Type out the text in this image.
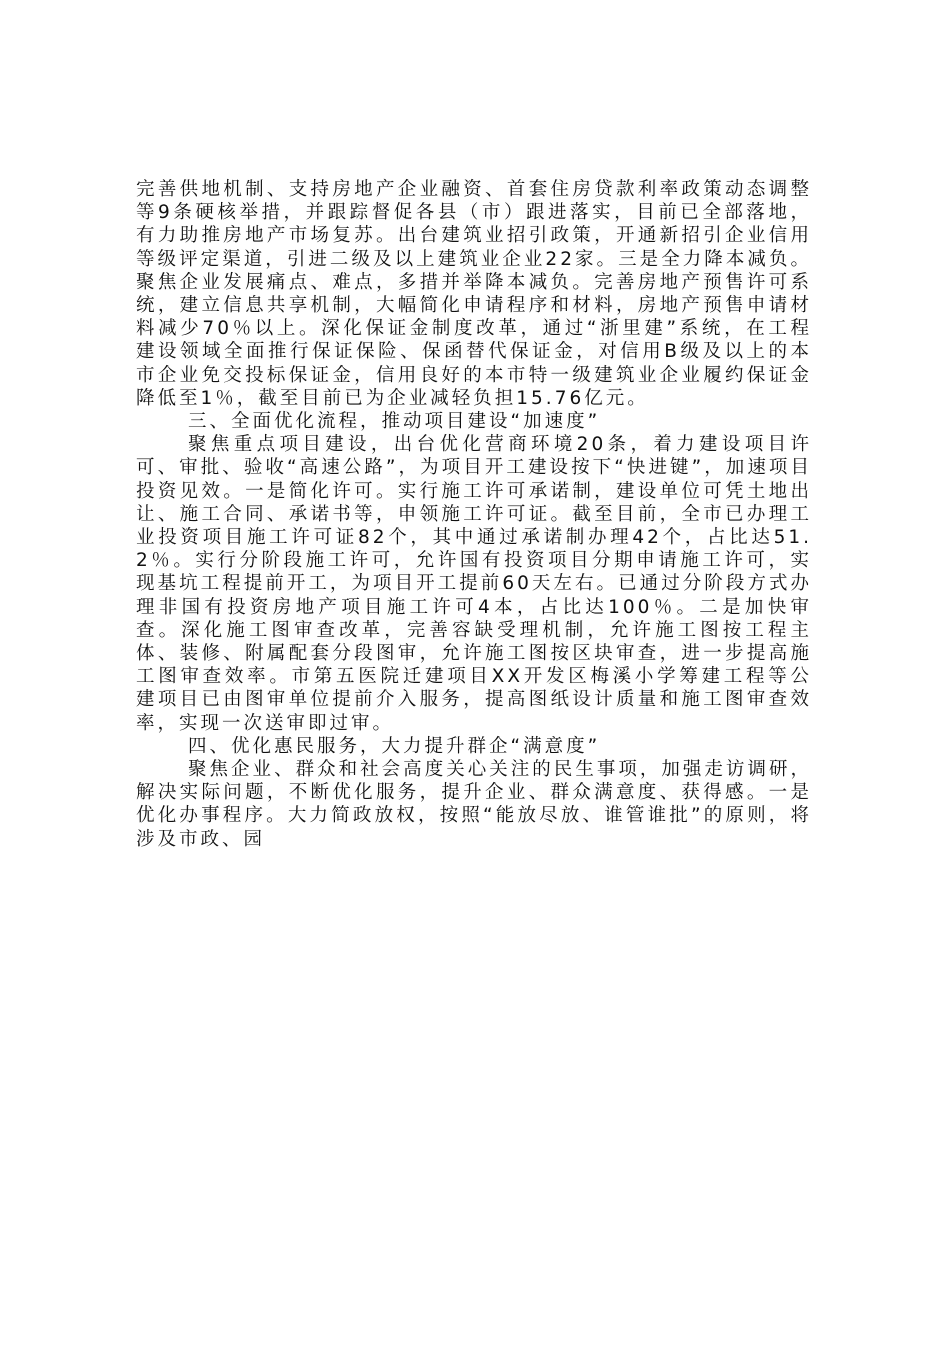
完善供地机制、支持房地产企业融资、首套住房贷款利率政策动态调整等9条硬核举措，并跟踪督促各县（市）跟进落实，目前已全部落地，有力助推房地产市场复苏。出台建筑业招引政策，开通新招引企业信用等级评定渠道，引进二级及以上建筑业企业22家。三是全力降本减负。聚焦企业发展痛点、难点，多措并举降本减负。完善房地产预售许可系统，建立信息共享机制，大幅简化申请程序和材料，房地产预售申请材料减少70％以上。深化保证金制度改革，通过“浙里建”系统，在工程建设领域全面推行保证保险、保函替代保证金，对信用B级及以上的本市企业免交投标保证金，信用良好的本市特一级建筑业企业履约保证金降低至1％，截至目前已为企业减轻负担15.76亿元。

三、全面优化流程，推动项目建设“加速度”

聚焦重点项目建设，出台优化营商环境20条，着力建设项目许可、审批、验收“高速公路”，为项目开工建设按下“快进键”，加速项目投资见效。一是简化许可。实行施工许可承诺制，建设单位可凭土地出让、施工合同、承诺书等，申领施工许可证。截至目前，全市已办理工业投资项目施工许可证82个，其中通过承诺制办理42个，占比达51.2％。实行分阶段施工许可，允许国有投资项目分期申请施工许可，实现基坑工程提前开工，为项目开工提前60天左右。已通过分阶段方式办理非国有投资房地产项目施工许可4本，占比达100％。二是加快审查。深化施工图审查改革，完善容缺受理机制，允许施工图按工程主体、装修、附属配套分段图审，允许施工图按区块审查，进一步提高施工图审查效率。市第五医院迁建项目XX开发区梅溪小学筹建工程等公建项目已由图审单位提前介入服务，提高图纸设计质量和施工图审查效率，实现一次送审即过审。

四、优化惠民服务，大力提升群企“满意度”

聚焦企业、群众和社会高度关心关注的民生事项，加强走访调研，解决实际问题，不断优化服务，提升企业、群众满意度、获得感。一是优化办事程序。大力简政放权，按照“能放尽放、谁管谁批”的原则，将涉及市政、园
